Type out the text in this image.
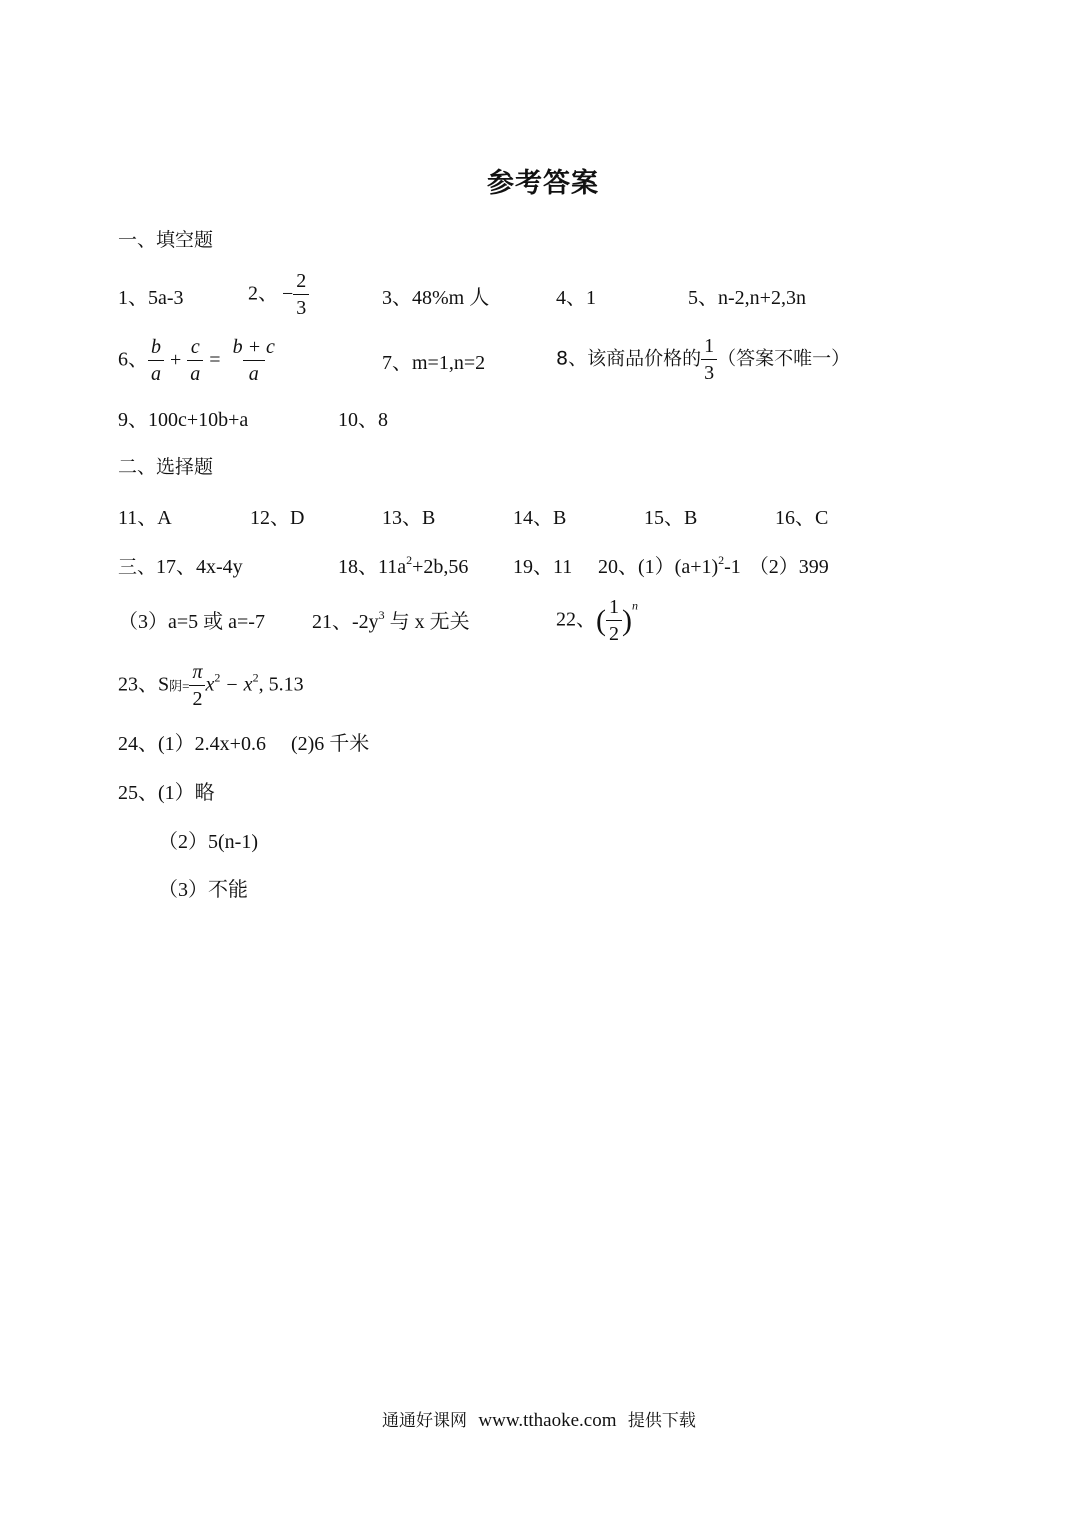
参考答案
一、填空题
1、5a-3	2、 − $\frac{2}{3}$	3、48%m 人	4、1	5、n-2,n+2,3n
6、 $\frac{b}{a} + \frac{c}{a} = \frac{b + c}{a}$	7、m=1,n=2	8、该商品价格的 $\frac{1}{3}$ （答案不唯一）
9、100c+10b+a	10、8
二、选择题
11、A	12、D	13、B	14、B	15、B	16、C
三、17、4x-4y	18、$11a^2+2b,56$ 19、11 20、$(1)(a+1)^2-1$ （2）399
（3）a=5 或 a=-7 21、$-2y^3$ 与 x 无关	22、( $\frac{1}{2} )^n$
23、S阴= $\frac{\pi}{2} x^2 - x^2$, 5.13
24、(1）2.4x+0.6     (2)6 千米
25、(1）略
（2）5(n-1)
（3）不能
通通好课网 www.tthaoke.com 提供下载
